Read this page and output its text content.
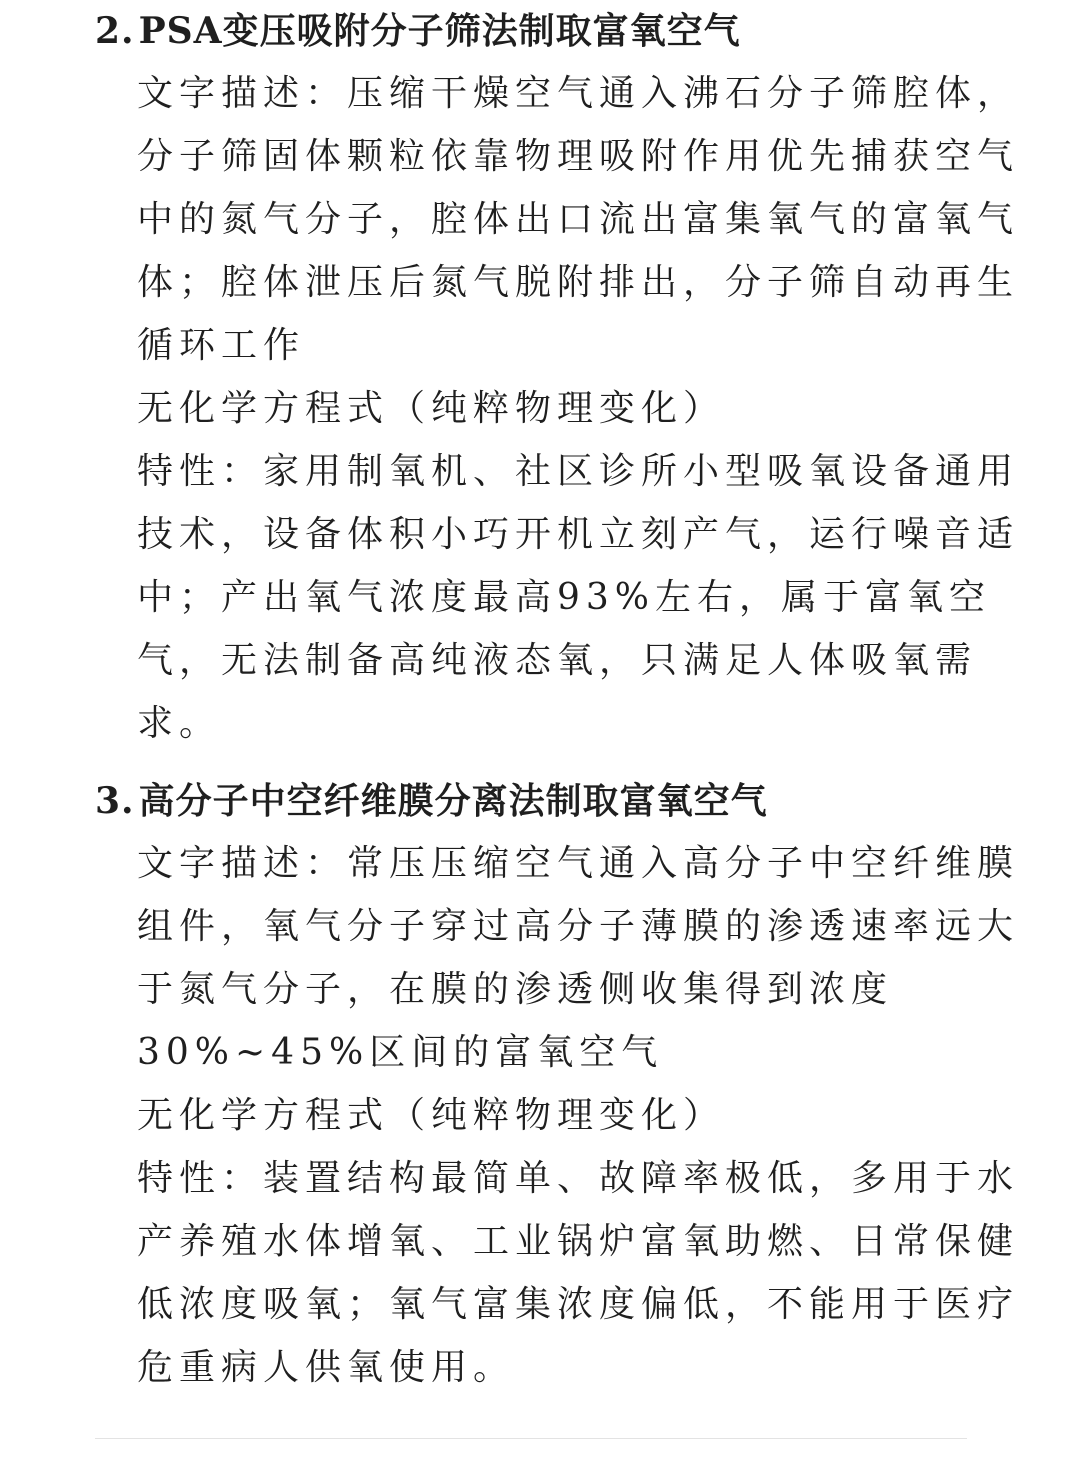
2. PSA变压吸附分子筛法制取富氧空气
文字描述：压缩干燥空气通入沸石分子筛腔体，
分子筛固体颗粒依靠物理吸附作用优先捕获空气
中的氮气分子，腔体出口流出富集氧气的富氧气
体；腔体泄压后氮气脱附排出，分子筛自动再生
循环工作
无化学方程式（纯粹物理变化）
特性：家用制氧机、社区诊所小型吸氧设备通用
技术，设备体积小巧开机立刻产气，运行噪音适
中；产出氧气浓度最高93%左右，属于富氧空
气，无法制备高纯液态氧，只满足人体吸氧需
求。
3. 高分子中空纤维膜分离法制取富氧空气
文字描述：常压压缩空气通入高分子中空纤维膜
组件，氧气分子穿过高分子薄膜的渗透速率远大
于氮气分子，在膜的渗透侧收集得到浓度
30%~45%区间的富氧空气
无化学方程式（纯粹物理变化）
特性：装置结构最简单、故障率极低，多用于水
产养殖水体增氧、工业锅炉富氧助燃、日常保健
低浓度吸氧；氧气富集浓度偏低，不能用于医疗
危重病人供氧使用。
